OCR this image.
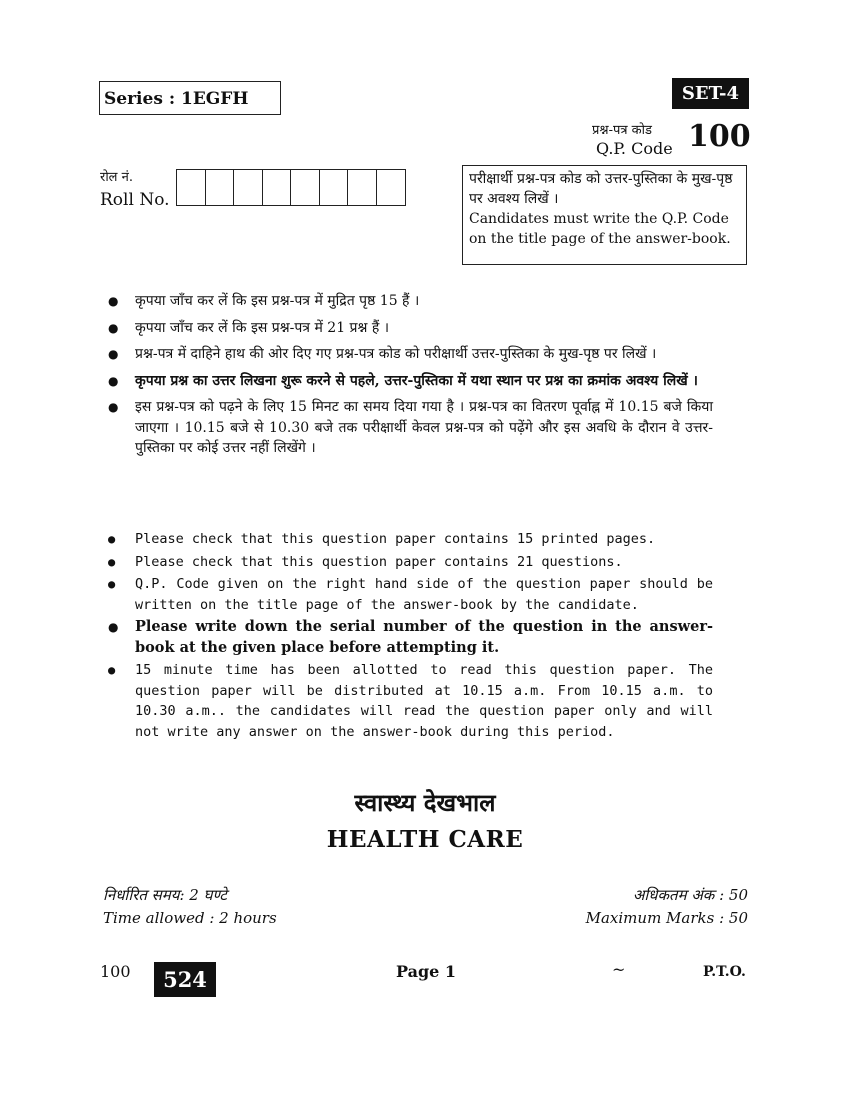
Series : 1EGFH	SET-4
प्रश्न-पत्र कोड
Q.P. Code 100
रोल नं.
Roll No.

परीक्षार्थी प्रश्न-पत्र कोड को उत्तर-पुस्तिका के मुख-पृष्ठ पर अवश्य लिखें ।

Candidates must write the Q.P. Code on the title page of the answer-book.

● कृपया जाँच कर लें कि इस प्रश्न-पत्र में मुद्रित पृष्ठ 15 हैं ।
● कृपया जाँच कर लें कि इस प्रश्न-पत्र में 21 प्रश्न हैं ।
● प्रश्न-पत्र में दाहिने हाथ की ओर दिए गए प्रश्न-पत्र कोड को परीक्षार्थी उत्तर-पुस्तिका के मुख-पृष्ठ पर लिखें ।
● कृपया प्रश्न का उत्तर लिखना शुरू करने से पहले, उत्तर-पुस्तिका में यथा स्थान पर प्रश्न का क्रमांक अवश्य लिखें ।
● इस प्रश्न-पत्र को पढ़ने के लिए 15 मिनट का समय दिया गया है । प्रश्न-पत्र का वितरण पूर्वाह्न में 10.15 बजे किया जाएगा । 10.15 बजे से 10.30 बजे तक परीक्षार्थी केवल प्रश्न-पत्र को पढ़ेंगे और इस अवधि के दौरान वे उत्तर-पुस्तिका पर कोई उत्तर नहीं लिखेंगे ।
● Please check that this question paper contains 15 printed pages.
● Please check that this question paper contains 21 questions.
● Q.P. Code given on the right hand side of the question paper should be written on the title page of the answer-book by the candidate.
● Please write down the serial number of the question in the answer-book at the given place before attempting it.
● 15 minute time has been allotted to read this question paper. The question paper will be distributed at 10.15 a.m. From 10.15 a.m. to 10.30 a.m.. the candidates will read the question paper only and will not write any answer on the answer-book during this period.
स्वास्थ्य देखभाल
HEALTH CARE
निर्धारित समय: 2 घण्टे
Time allowed : 2 hours
अधिकतम अंक : 50
Maximum Marks : 50
100	524	Page 1	~	P.T.O.
